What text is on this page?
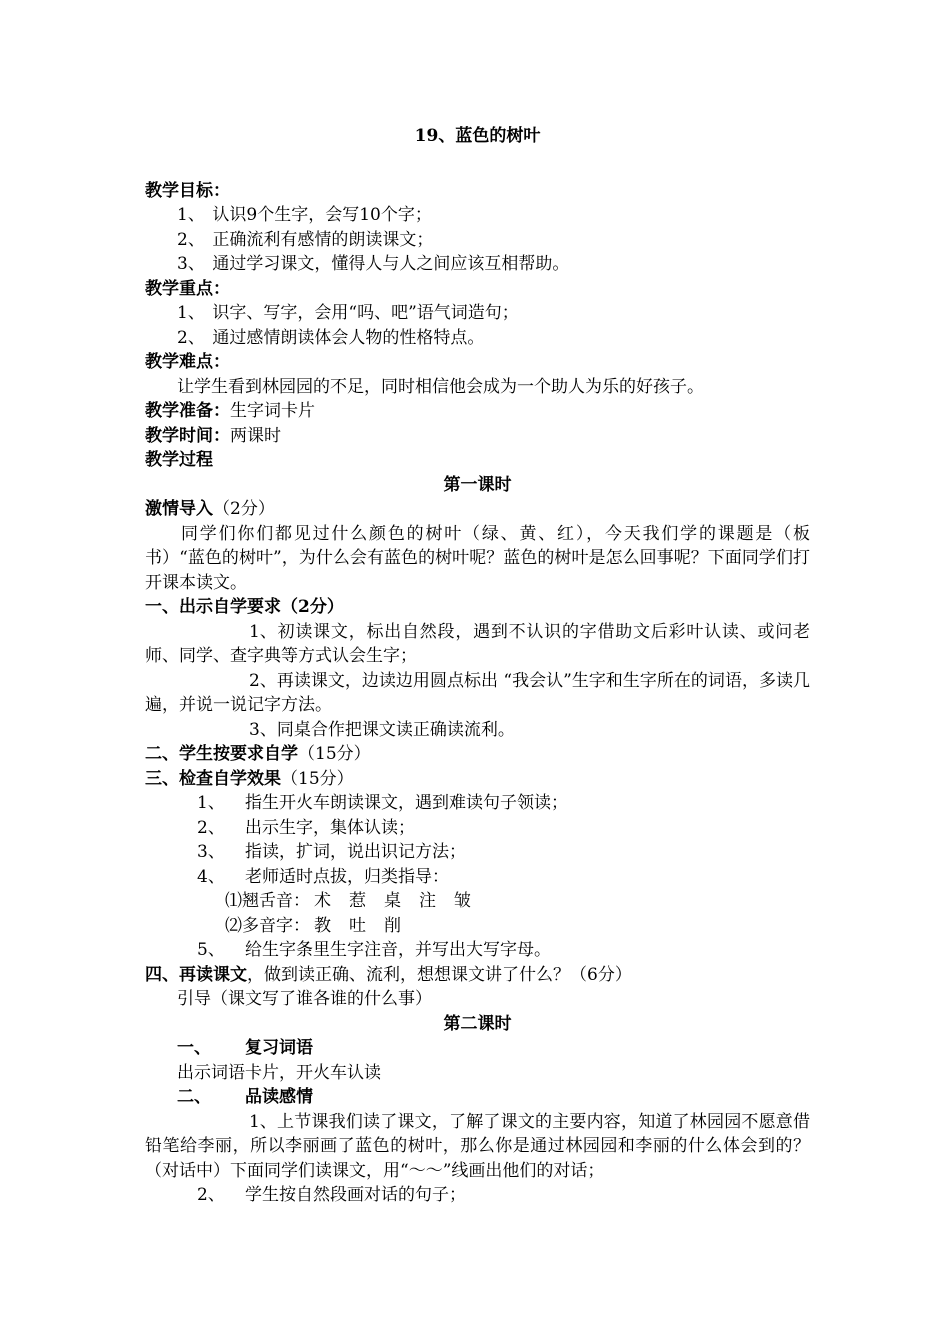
19、蓝色的树叶
教学目标：
1、 认识9个生字，会写10个字；
2、 正确流利有感情的朗读课文；
3、 通过学习课文，懂得人与人之间应该互相帮助。
教学重点：
1、 识字、写字，会用“吗、吧”语气词造句；
2、 通过感情朗读体会人物的性格特点。
教学难点：
让学生看到林园园的不足，同时相信他会成为一个助人为乐的好孩子。
教学准备：生字词卡片
教学时间：两课时
教学过程
第一课时
激情导入（2分）
同学们你们都见过什么颜色的树叶（绿、黄、红），今天我们学的课题是（板书）“蓝色的树叶”，为什么会有蓝色的树叶呢？蓝色的树叶是怎么回事呢？下面同学们打开课本读文。
一、出示自学要求（2分）
1、初读课文，标出自然段，遇到不认识的字借助文后彩叶认读、或问老师、同学、查字典等方式认会生字；
2、再读课文，边读边用圆点标出 “我会认”生字和生字所在的词语，多读几遍，并说一说记字方法。
3、同桌合作把课文读正确读流利。
二、学生按要求自学（15分）
三、检查自学效果（15分）
1、 指生开火车朗读课文，遇到难读句子领读；
2、 出示生字，集体认读；
3、 指读，扩词，说出识记方法；
4、 老师适时点拔，归类指导：
⑴翘舌音： 术 惹 桌 注 皱
⑵多音字： 教 吐 削
5、 给生字条里生字注音，并写出大写字母。
四、再读课文，做到读正确、流利，想想课文讲了什么？（6分）
引导（课文写了谁各谁的什么事）
第二课时
一、 复习词语
出示词语卡片，开火车认读
二、 品读感情
1、上节课我们读了课文，了解了课文的主要内容，知道了林园园不愿意借铅笔给李丽，所以李丽画了蓝色的树叶，那么你是通过林园园和李丽的什么体会到的？（对话中）下面同学们读课文，用“～～”线画出他们的对话；
2、 学生按自然段画对话的句子；
